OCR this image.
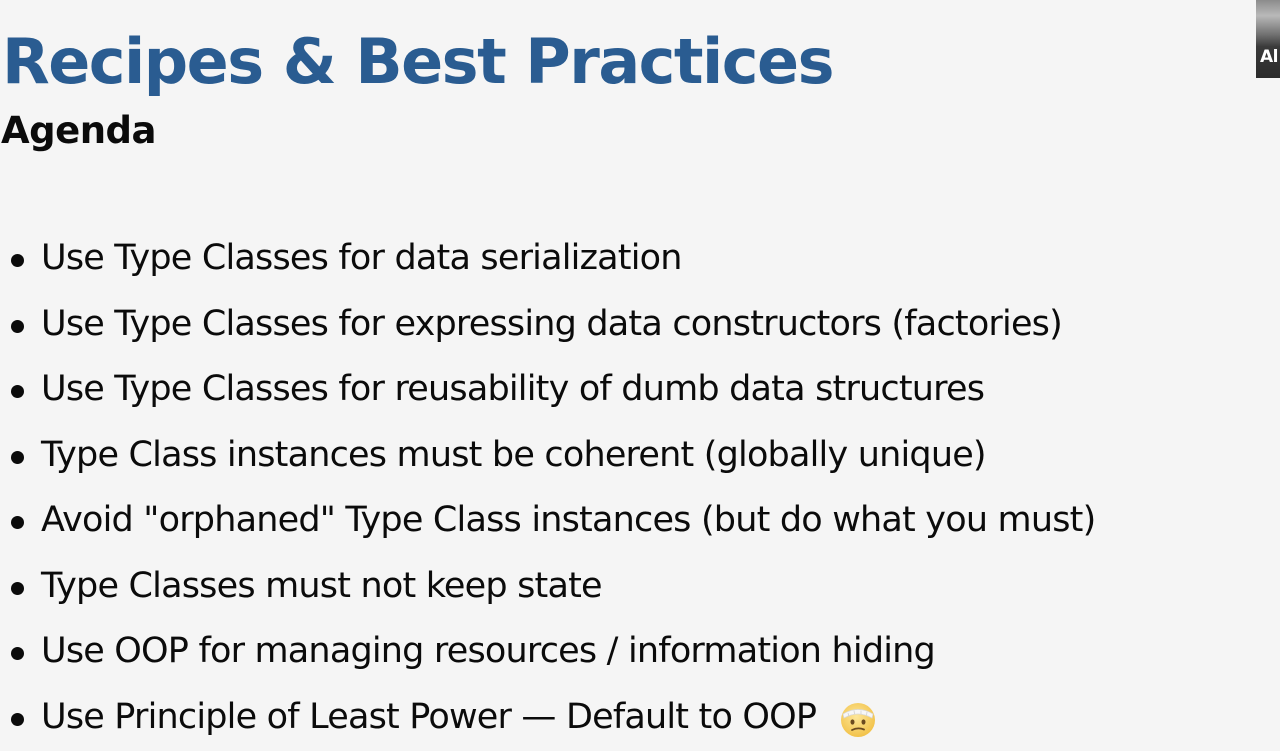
Recipes & Best Practices
Agenda
Use Type Classes for data serialization
Use Type Classes for expressing data constructors (factories)
Use Type Classes for reusability of dumb data structures
Type Class instances must be coherent (globally unique)
Avoid "orphaned" Type Class instances (but do what you must)
Type Classes must not keep state
Use OOP for managing resources / information hiding
Use Principle of Least Power — Default to OOP
Al
